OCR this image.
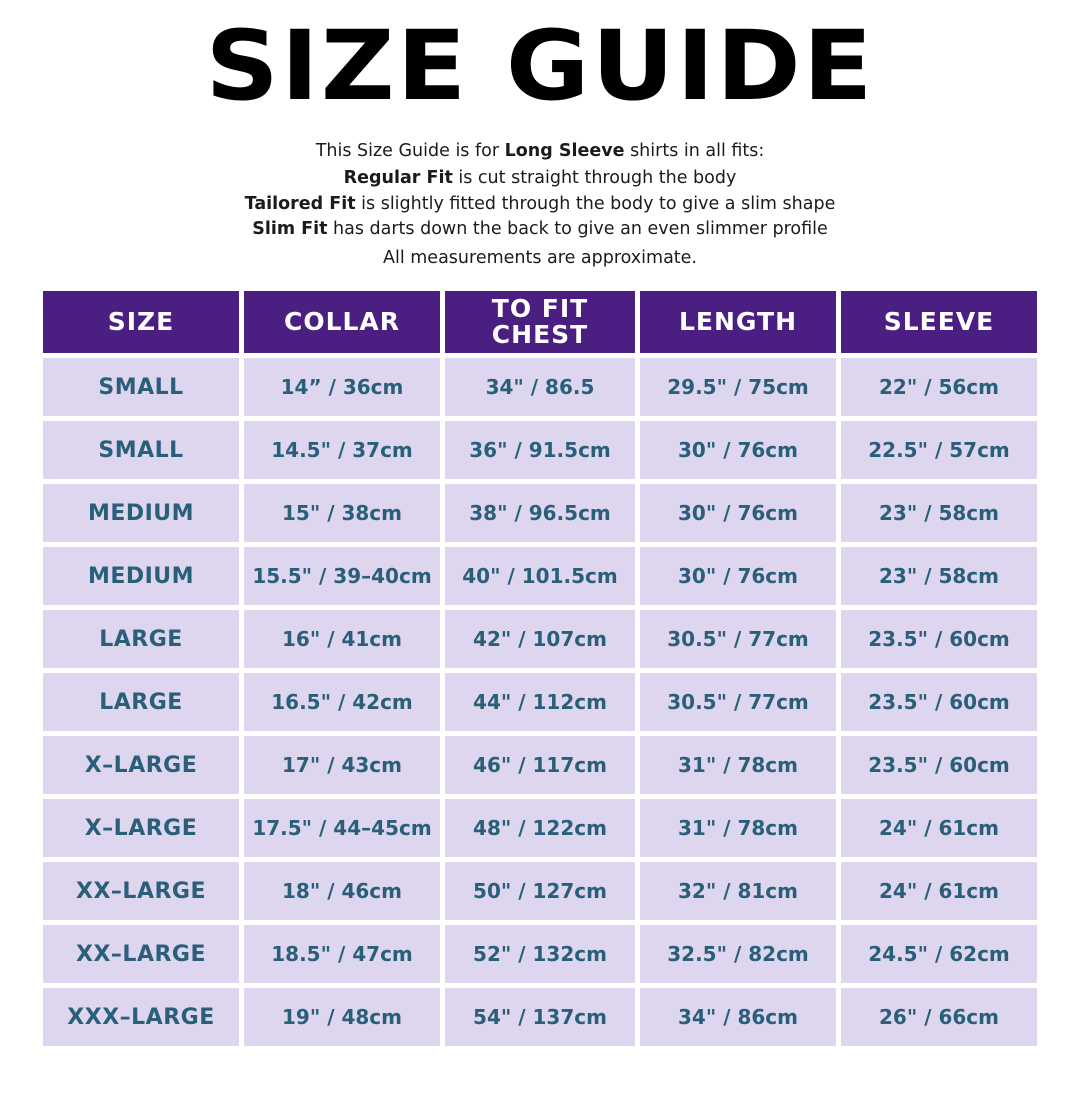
SIZE GUIDE
This Size Guide is for Long Sleeve shirts in all fits:
Regular Fit is cut straight through the body
Tailored Fit is slightly fitted through the body to give a slim shape
Slim Fit has darts down the back to give an even slimmer profile
All measurements are approximate.
SIZE	COLLAR	TO FIT CHEST	LENGTH	SLEEVE
SMALL	14” / 36cm	34" / 86.5	29.5" / 75cm	22" / 56cm
SMALL	14.5" / 37cm	36" / 91.5cm	30" / 76cm	22.5" / 57cm
MEDIUM	15" / 38cm	38" / 96.5cm	30" / 76cm	23" / 58cm
MEDIUM	15.5" / 39–40cm	40" / 101.5cm	30" / 76cm	23" / 58cm
LARGE	16" / 41cm	42" / 107cm	30.5" / 77cm	23.5" / 60cm
LARGE	16.5" / 42cm	44" / 112cm	30.5" / 77cm	23.5" / 60cm
X–LARGE	17" / 43cm	46" / 117cm	31" / 78cm	23.5" / 60cm
X–LARGE	17.5" / 44–45cm	48" / 122cm	31" / 78cm	24" / 61cm
XX–LARGE	18" / 46cm	50" / 127cm	32" / 81cm	24" / 61cm
XX–LARGE	18.5" / 47cm	52" / 132cm	32.5" / 82cm	24.5" / 62cm
XXX–LARGE	19" / 48cm	54" / 137cm	34" / 86cm	26" / 66cm
